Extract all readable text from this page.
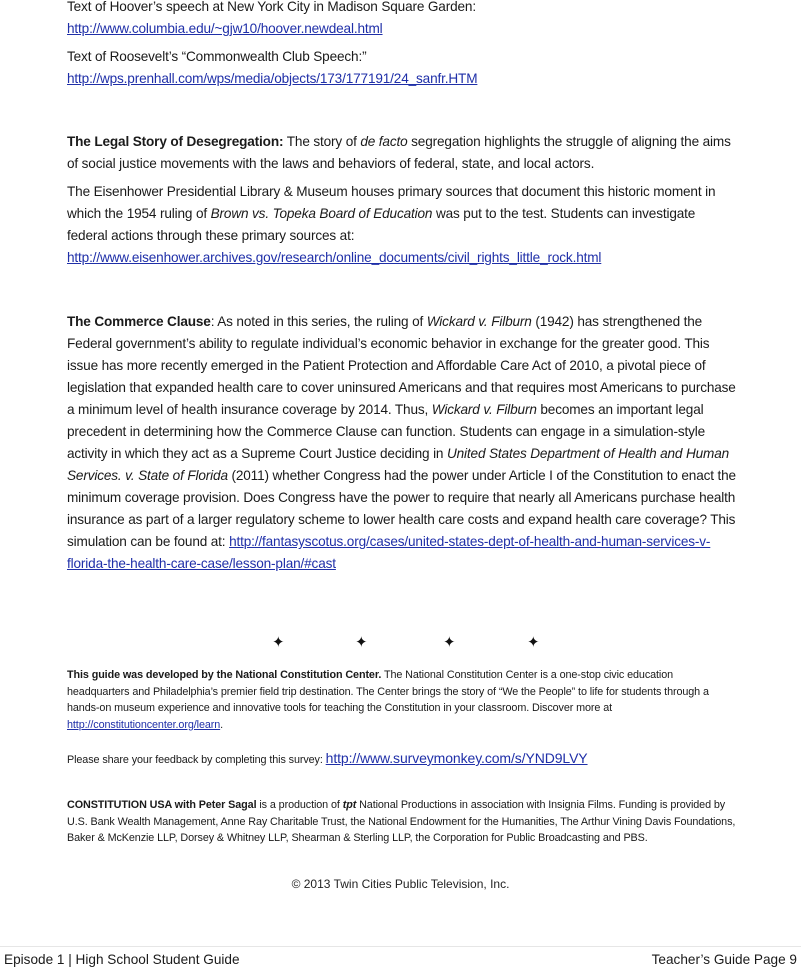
Text of Hoover’s speech at New York City in Madison Square Garden:

http://www.columbia.edu/~gjw10/hoover.newdeal.html

Text of Roosevelt’s “Commonwealth Club Speech:”

http://wps.prenhall.com/wps/media/objects/173/177191/24_sanfr.HTM

The Legal Story of Desegregation: The story of de facto segregation highlights the struggle of aligning the aims of social justice movements with the laws and behaviors of federal, state, and local actors.

The Eisenhower Presidential Library & Museum houses primary sources that document this historic moment in which the 1954 ruling of Brown vs. Topeka Board of Education was put to the test. Students can investigate federal actions through these primary sources at:
http://www.eisenhower.archives.gov/research/online_documents/civil_rights_little_rock.html

The Commerce Clause: As noted in this series, the ruling of Wickard v. Filburn (1942) has strengthened the Federal government’s ability to regulate individual’s economic behavior in exchange for the greater good. This issue has more recently emerged in the Patient Protection and Affordable Care Act of 2010, a pivotal piece of legislation that expanded health care to cover uninsured Americans and that requires most Americans to purchase a minimum level of health insurance coverage by 2014. Thus, Wickard v. Filburn becomes an important legal precedent in determining how the Commerce Clause can function. Students can engage in a simulation-style activity in which they act as a Supreme Court Justice deciding in United States Department of Health and Human Services. v. State of Florida (2011) whether Congress had the power under Article I of the Constitution to enact the minimum coverage provision. Does Congress have the power to require that nearly all Americans purchase health insurance as part of a larger regulatory scheme to lower health care costs and expand health care coverage? This simulation can be found at: http://fantasyscotus.org/cases/united-states-dept-of-health-and-human-services-v-florida-the-health-care-case/lesson-plan/#cast

✦	✦	✦	✦

This guide was developed by the National Constitution Center. The National Constitution Center is a one-stop civic education headquarters and Philadelphia’s premier field trip destination. The Center brings the story of “We the People” to life for students through a hands-on museum experience and innovative tools for teaching the Constitution in your classroom. Discover more at http://constitutioncenter.org/learn.

Please share your feedback by completing this survey: http://www.surveymonkey.com/s/YND9LVY

CONSTITUTION USA with Peter Sagal is a production of tpt National Productions in association with Insignia Films. Funding is provided by U.S. Bank Wealth Management, Anne Ray Charitable Trust, the National Endowment for the Humanities, The Arthur Vining Davis Foundations, Baker & McKenzie LLP, Dorsey & Whitney LLP, Shearman & Sterling LLP, the Corporation for Public Broadcasting and PBS.

© 2013 Twin Cities Public Television, Inc.
Episode 1 | High School Student Guide	Teacher’s Guide Page 9
